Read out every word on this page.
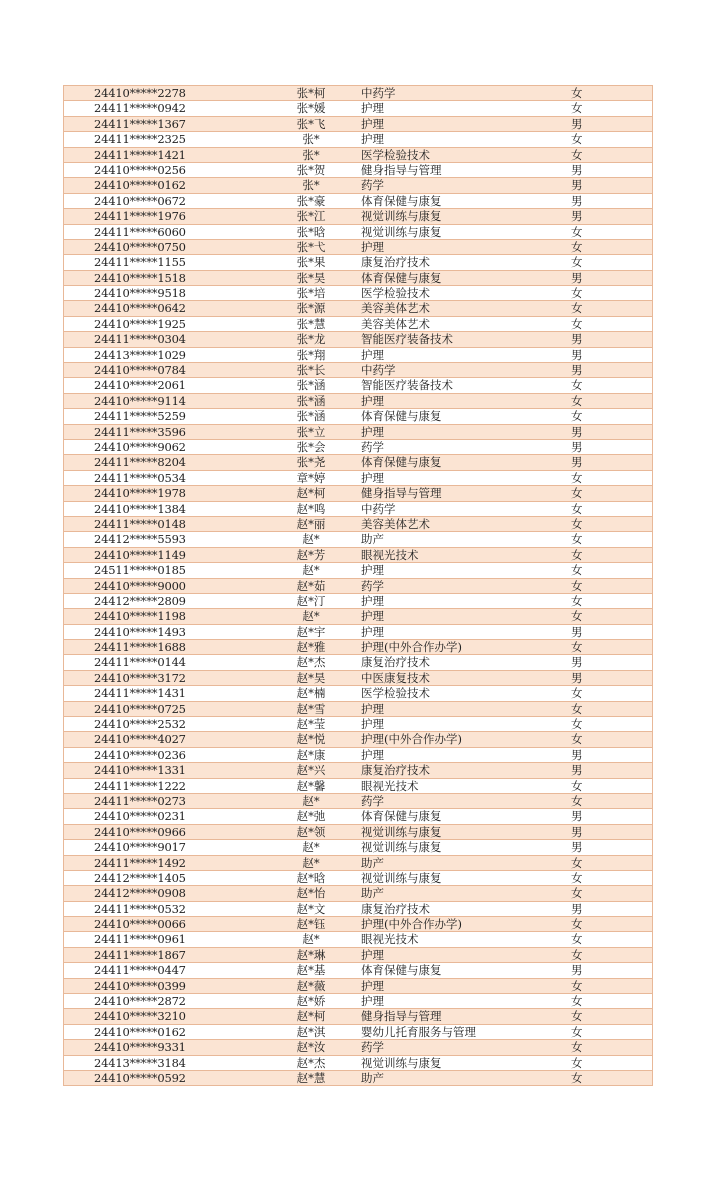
24410*****2278	张*柯	中药学	女
24411*****0942	张*媛	护理	女
24411*****1367	张*飞	护理	男
24411*****2325	张*	护理	女
24411*****1421	张*	医学检验技术	女
24410*****0256	张*贺	健身指导与管理	男
24410*****0162	张*	药学	男
24410*****0672	张*豪	体育保健与康复	男
24411*****1976	张*江	视觉训练与康复	男
24411*****6060	张*晗	视觉训练与康复	女
24410*****0750	张*弋	护理	女
24411*****1155	张*果	康复治疗技术	女
24410*****1518	张*昊	体育保健与康复	男
24410*****9518	张*培	医学检验技术	女
24410*****0642	张*源	美容美体艺术	女
24410*****1925	张*慧	美容美体艺术	女
24411*****0304	张*龙	智能医疗装备技术	男
24413*****1029	张*翔	护理	男
24410*****0784	张*长	中药学	男
24410*****2061	张*涵	智能医疗装备技术	女
24410*****9114	张*涵	护理	女
24411*****5259	张*涵	体育保健与康复	女
24411*****3596	张*立	护理	男
24410*****9062	张*会	药学	男
24411*****8204	张*尧	体育保健与康复	男
24411*****0534	章*婷	护理	女
24410*****1978	赵*柯	健身指导与管理	女
24410*****1384	赵*鸣	中药学	女
24411*****0148	赵*丽	美容美体艺术	女
24412*****5593	赵*	助产	女
24410*****1149	赵*芳	眼视光技术	女
24511*****0185	赵*	护理	女
24410*****9000	赵*茹	药学	女
24412*****2809	赵*汀	护理	女
24410*****1198	赵*	护理	女
24410*****1493	赵*宇	护理	男
24411*****1688	赵*雅	护理(中外合作办学)	女
24411*****0144	赵*杰	康复治疗技术	男
24410*****3172	赵*昊	中医康复技术	男
24411*****1431	赵*楠	医学检验技术	女
24410*****0725	赵*雪	护理	女
24410*****2532	赵*莹	护理	女
24410*****4027	赵*悦	护理(中外合作办学)	女
24410*****0236	赵*康	护理	男
24410*****1331	赵*兴	康复治疗技术	男
24411*****1222	赵*馨	眼视光技术	女
24411*****0273	赵*	药学	女
24410*****0231	赵*弛	体育保健与康复	男
24410*****0966	赵*领	视觉训练与康复	男
24410*****9017	赵*	视觉训练与康复	男
24411*****1492	赵*	助产	女
24412*****1405	赵*晗	视觉训练与康复	女
24412*****0908	赵*怡	助产	女
24411*****0532	赵*文	康复治疗技术	男
24410*****0066	赵*钰	护理(中外合作办学)	女
24411*****0961	赵*	眼视光技术	女
24411*****1867	赵*琳	护理	女
24411*****0447	赵*基	体育保健与康复	男
24410*****0399	赵*薇	护理	女
24410*****2872	赵*娇	护理	女
24410*****3210	赵*柯	健身指导与管理	女
24410*****0162	赵*淇	婴幼儿托育服务与管理	女
24410*****9331	赵*汝	药学	女
24413*****3184	赵*杰	视觉训练与康复	女
24410*****0592	赵*慧	助产	女
